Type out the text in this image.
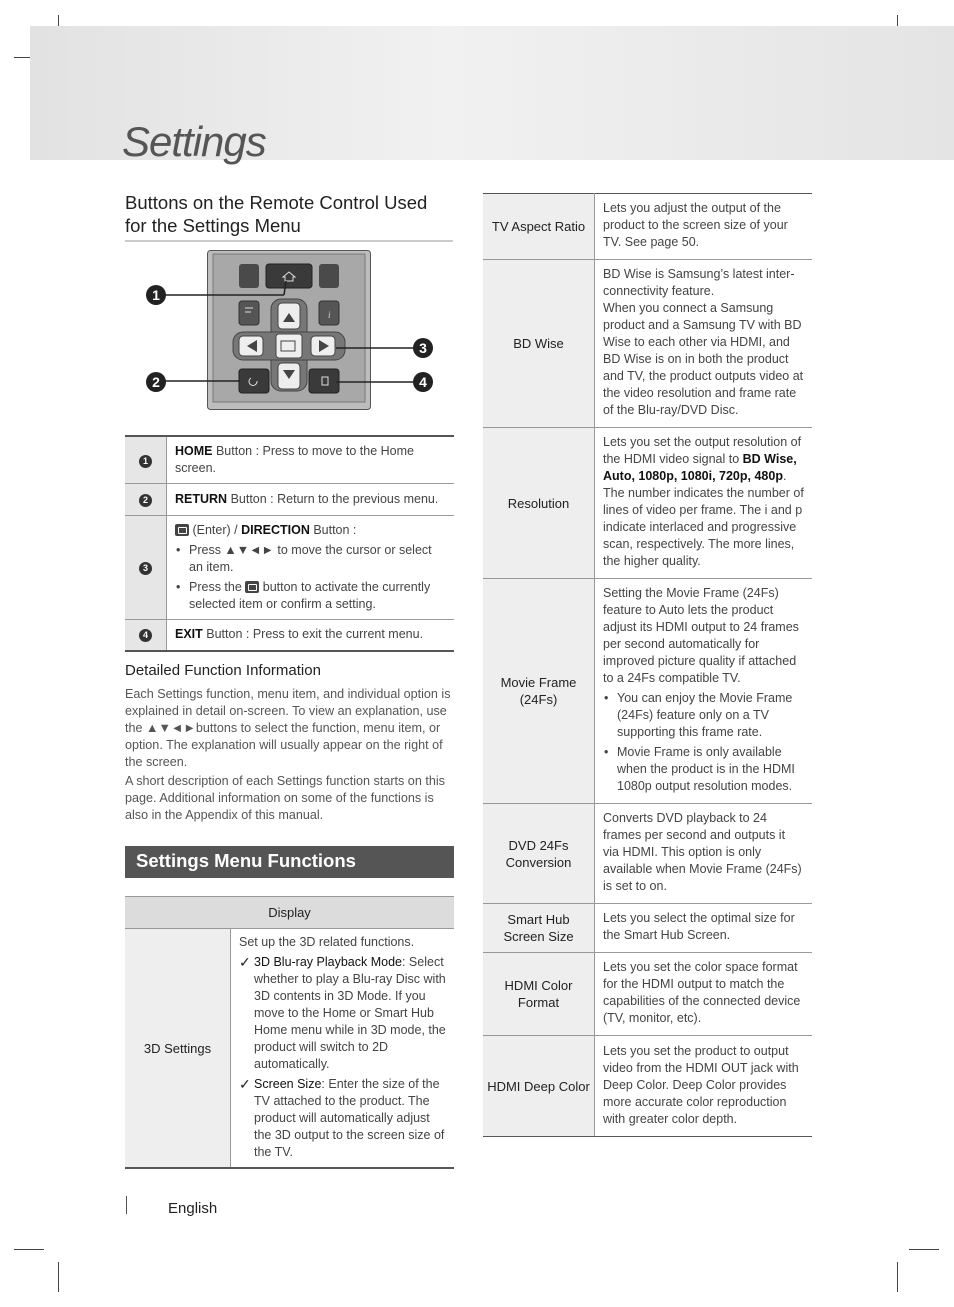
Settings
Buttons on the Remote Control Used for the Settings Menu
i
1
2
3
4
1	HOME Button : Press to move to the Home screen.
2	RETURN Button : Return to the previous menu.
3	(Enter) / DIRECTION Button :
• Press ▲▼◄► to move the cursor or select an item.
• Press the  button to activate the currently selected item or confirm a setting.

4	EXIT Button : Press to exit the current menu.
Detailed Function Information

Each Settings function, menu item, and individual option is explained in detail on-screen. To view an explanation, use the ▲▼◄►buttons to select the function, menu item, or option. The explanation will usually appear on the right of the screen.

A short description of each Settings function starts on this page. Additional information on some of the functions is also in the Appendix of this manual.

Settings Menu Functions
Display
3D Settings	
Set up the 3D related functions.
✓ 3D Blu-ray Playback Mode: Select whether to play a Blu-ray Disc with 3D contents in 3D Mode. If you move to the Home or Smart Hub Home menu while in 3D mode, the product will switch to 2D automatically.
✓ Screen Size: Enter the size of the TV attached to the product. The product will automatically adjust the 3D output to the screen size of the TV.
TV Aspect Ratio	Lets you adjust the output of the product to the screen size of your TV. See page 50.
BD Wise	BD Wise is Samsung’s latest inter-connectivity feature.
When you connect a Samsung product and a Samsung TV with BD Wise to each other via HDMI, and BD Wise is on in both the product and TV, the product outputs video at the video resolution and frame rate of the Blu-ray/DVD Disc.

Resolution	Lets you set the output resolution of the HDMI video signal to BD Wise, Auto, 1080p, 1080i, 720p, 480p. The number indicates the number of lines of video per frame. The i and p indicate interlaced and progressive scan, respectively. The more lines, the higher quality.
Movie Frame (24Fs)	Setting the Movie Frame (24Fs) feature to Auto lets the product adjust its HDMI output to 24 frames per second automatically for improved picture quality if attached to a 24Fs compatible TV.
• You can enjoy the Movie Frame (24Fs) feature only on a TV supporting this frame rate.
• Movie Frame is only available when the product is in the HDMI 1080p output resolution modes.

DVD 24Fs Conversion	Converts DVD playback to 24 frames per second and outputs it via HDMI. This option is only available when Movie Frame (24Fs) is set to on.
Smart Hub Screen Size	Lets you select the optimal size for the Smart Hub Screen.
HDMI Color Format	Lets you set the color space format for the HDMI output to match the capabilities of the connected device (TV, monitor, etc).
HDMI Deep Color	Lets you set the product to output video from the HDMI OUT jack with Deep Color. Deep Color provides more accurate color reproduction with greater color depth.
English
